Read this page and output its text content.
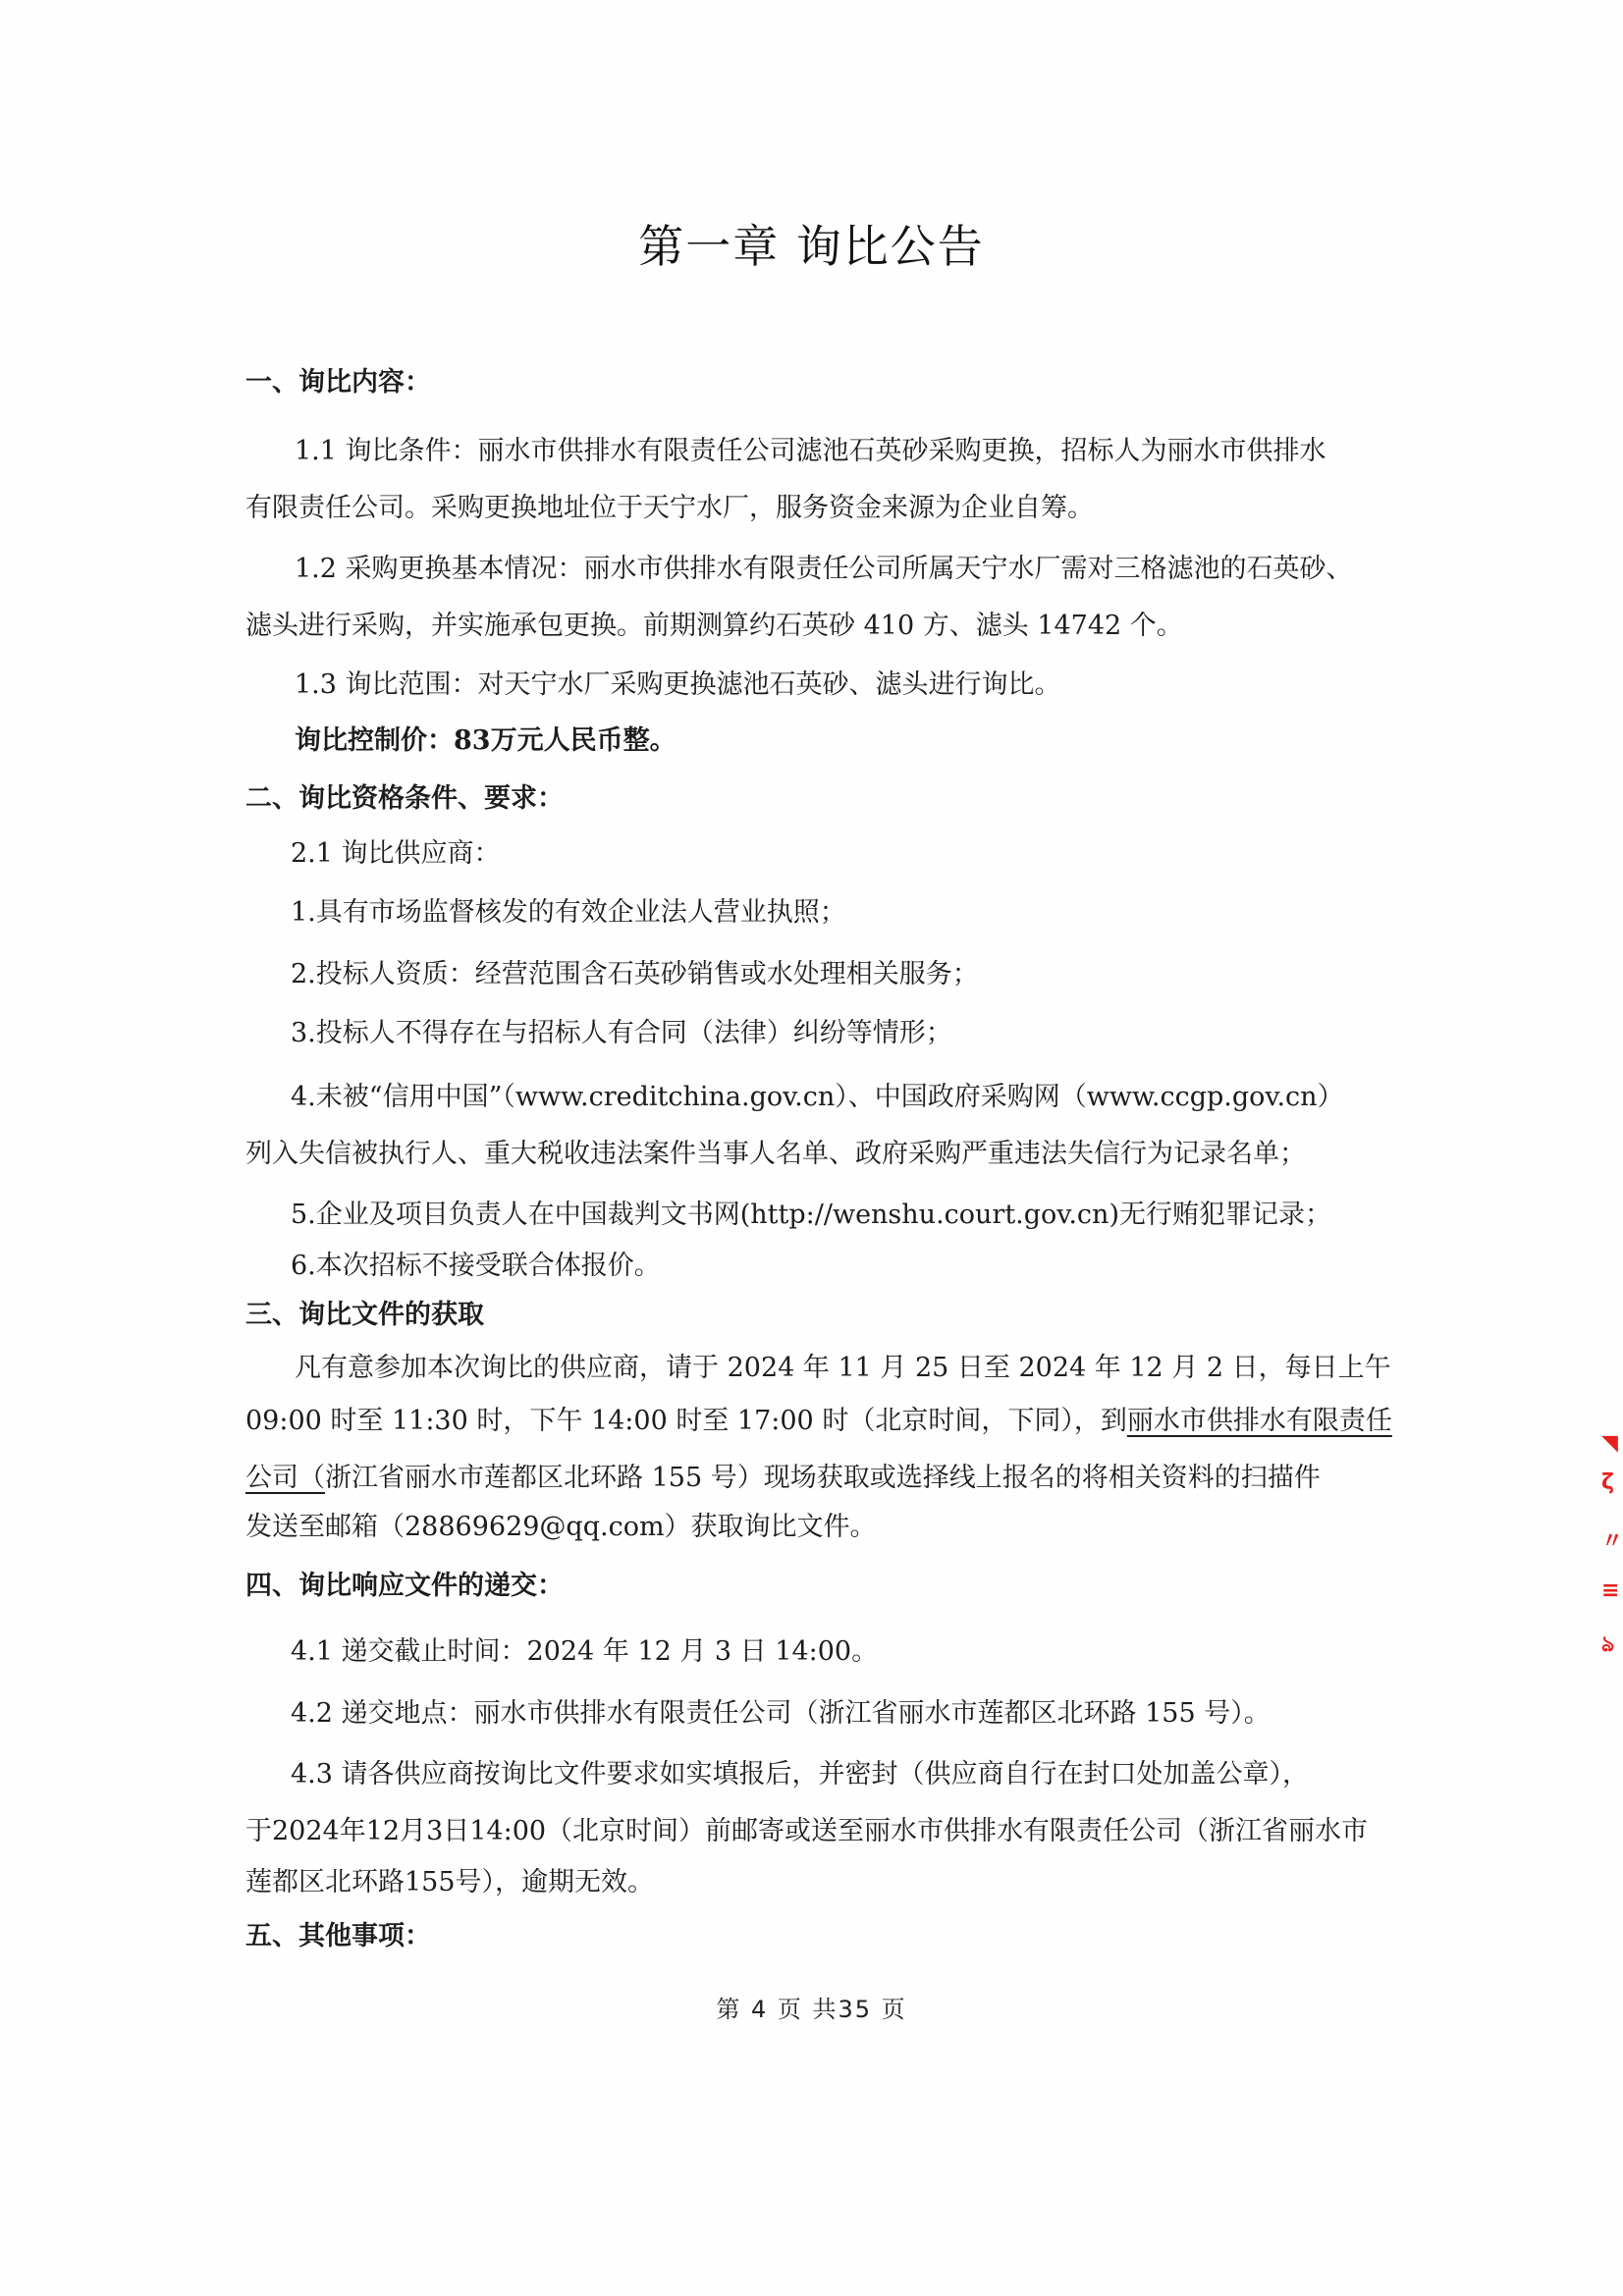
第一章 询比公告
一、询比内容：
1.1 询比条件：丽水市供排水有限责任公司滤池石英砂采购更换，招标人为丽水市供排水
有限责任公司。采购更换地址位于天宁水厂，服务资金来源为企业自筹。
1.2 采购更换基本情况：丽水市供排水有限责任公司所属天宁水厂需对三格滤池的石英砂、
滤头进行采购，并实施承包更换。前期测算约石英砂 410 方、滤头 14742 个。
1.3 询比范围：对天宁水厂采购更换滤池石英砂、滤头进行询比。
询比控制价：83万元人民币整。
二、询比资格条件、要求：
2.1 询比供应商：
1.具有市场监督核发的有效企业法人营业执照；
2.投标人资质：经营范围含石英砂销售或水处理相关服务；
3.投标人不得存在与招标人有合同（法律）纠纷等情形；
4.未被“信用中国”（www.creditchina.gov.cn）、中国政府采购网（www.ccgp.gov.cn）
列入失信被执行人、重大税收违法案件当事人名单、政府采购严重违法失信行为记录名单；
5.企业及项目负责人在中国裁判文书网(http://wenshu.court.gov.cn)无行贿犯罪记录；
6.本次招标不接受联合体报价。
三、询比文件的获取
凡有意参加本次询比的供应商，请于 2024 年 11 月 25 日至 2024 年 12 月 2 日，每日上午
09:00 时至 11:30 时，下午 14:00 时至 17:00 时（北京时间，下同），到丽水市供排水有限责任
公司（浙江省丽水市莲都区北环路 155 号）现场获取或选择线上报名的将相关资料的扫描件
发送至邮箱（28869629@qq.com）获取询比文件。
四、询比响应文件的递交：
4.1 递交截止时间：2024 年 12 月 3 日 14:00。
4.2 递交地点：丽水市供排水有限责任公司（浙江省丽水市莲都区北环路 155 号）。
4.3 请各供应商按询比文件要求如实填报后，并密封（供应商自行在封口处加盖公章），
于2024年12月3日14:00（北京时间）前邮寄或送至丽水市供排水有限责任公司（浙江省丽水市
莲都区北环路155号），逾期无效。
五、其他事项：
第 4 页 共35 页
◥
ζ
〃
≡
ঌ
